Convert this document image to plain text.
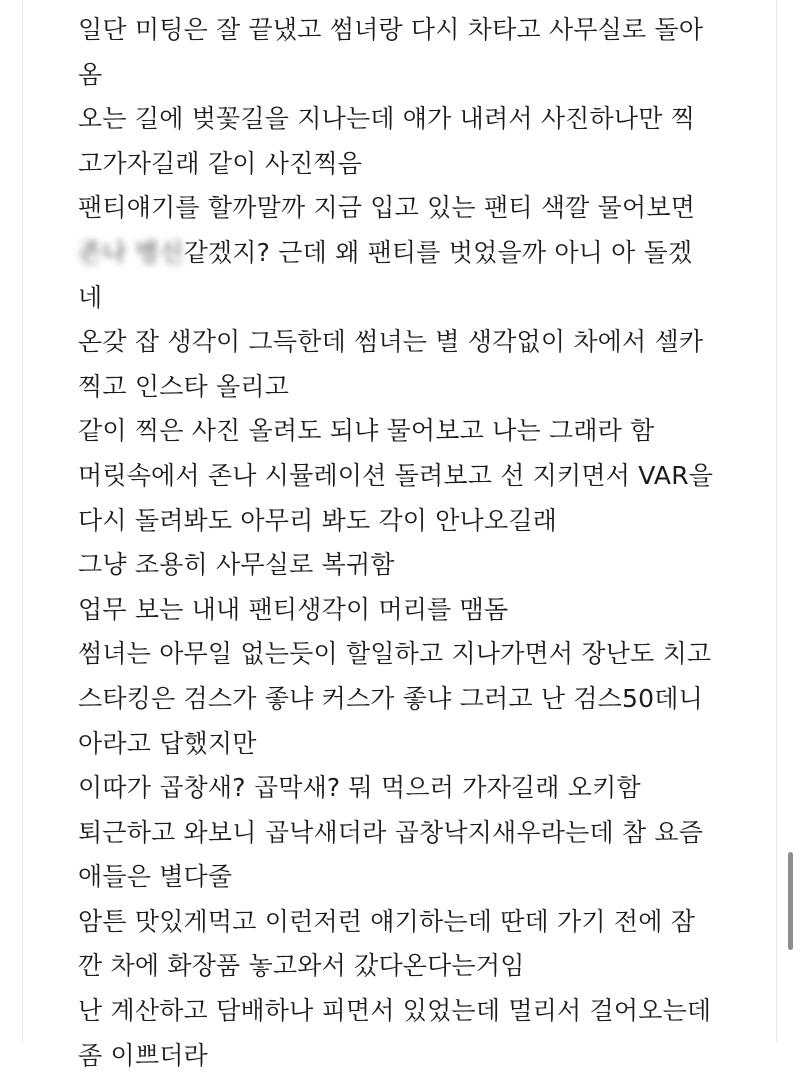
일단 미팅은 잘 끝냈고 썸녀랑 다시 차타고 사무실로 돌아
옴
오는 길에 벚꽃길을 지나는데 얘가 내려서 사진하나만 찍
고가자길래 같이 사진찍음
팬티얘기를 할까말까 지금 입고 있는 팬티 색깔 물어보면
존나 병신같겠지? 근데 왜 팬티를 벗었을까 아니 아 돌겠
네
온갖 잡 생각이 그득한데 썸녀는 별 생각없이 차에서 셀카
찍고 인스타 올리고
같이 찍은 사진 올려도 되냐 물어보고 나는 그래라 함
머릿속에서 존나 시뮬레이션 돌려보고 선 지키면서 VAR을
다시 돌려봐도 아무리 봐도 각이 안나오길래
그냥 조용히 사무실로 복귀함
업무 보는 내내 팬티생각이 머리를 맴돔
썸녀는 아무일 없는듯이 할일하고 지나가면서 장난도 치고
스타킹은 검스가 좋냐 커스가 좋냐 그러고 난 검스50데니
아라고 답했지만
이따가 곱창새? 곱막새? 뭐 먹으러 가자길래 오키함
퇴근하고 와보니 곱낙새더라 곱창낙지새우라는데 참 요즘
애들은 별다줄
암튼 맛있게먹고 이런저런 얘기하는데 딴데 가기 전에 잠
깐 차에 화장품 놓고와서 갔다온다는거임
난 계산하고 담배하나 피면서 있었는데 멀리서 걸어오는데
좀 이쁘더라
